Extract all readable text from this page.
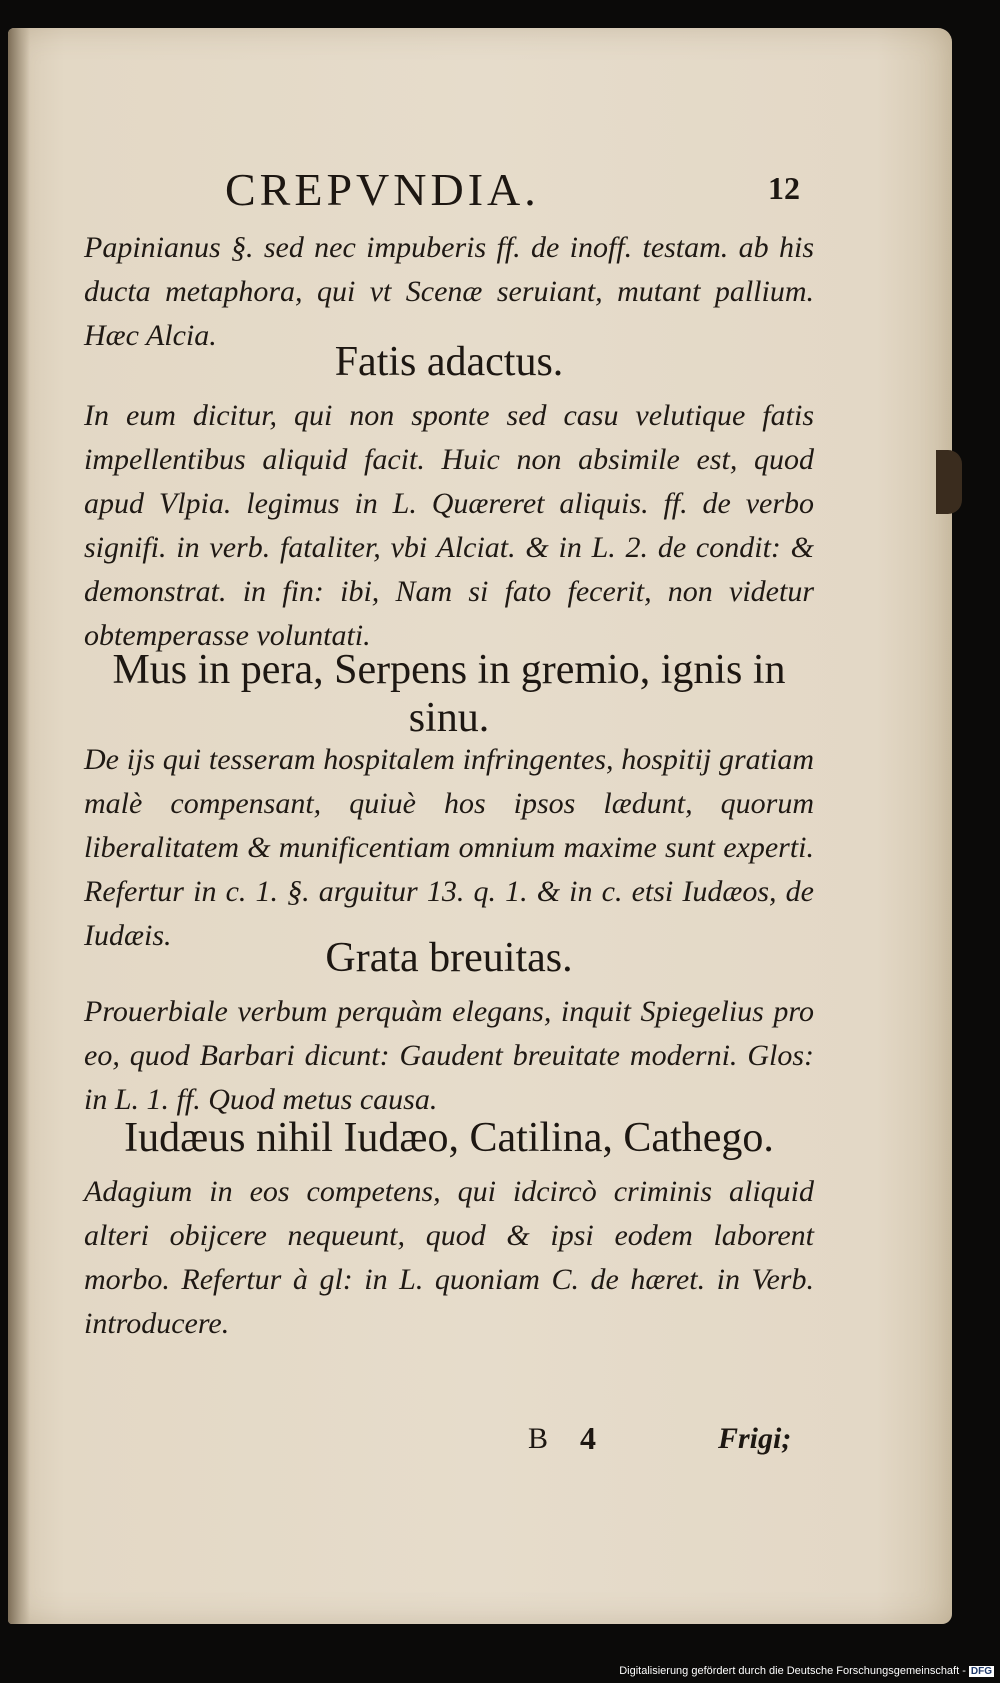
CREPVNDIA.	12
Papinianus §. sed nec impuberis ff. de inoff. testam. ab his ducta metaphora, qui vt Scenæ seruiant, mutant pallium. Hæc Alcia.
Fatis adactus.
In eum dicitur, qui non sponte sed casu velutique fatis impellentibus aliquid facit. Huic non absimile est, quod apud Vlpia. legimus in L. Quæreret aliquis. ff. de verbo signifi. in verb. fataliter, vbi Alciat. & in L. 2. de condit: & demonstrat. in fin: ibi, Nam si fato fecerit, non videtur obtemperasse voluntati.
Mus in pera, Serpens in gremio, ignis in sinu.
De ijs qui tesseram hospitalem infringentes, hospitij gratiam malè compensant, quiuè hos ipsos lædunt, quorum liberalitatem & munificentiam omnium maxime sunt experti. Refertur in c. 1. §. arguitur 13. q. 1. & in c. etsi Iudæos, de Iudæis.	Grata breuitas.
Prouerbiale verbum perquàm elegans, inquit Spiegelius pro eo, quod Barbari dicunt: Gaudent breuitate moderni. Glos: in L. 1. ff. Quod metus causa.
Iudæus nihil Iudæo, Catilina, Cathego.
Adagium in eos competens, qui idcircò criminis aliquid alteri obijcere nequeunt, quod & ipsi eodem laborent morbo. Refertur à gl: in L. quoniam C. de hæret. in Verb. introducere.
B 4	Frigi;
Digitalisierung gefördert durch die Deutsche Forschungsgemeinschaft - DFG
